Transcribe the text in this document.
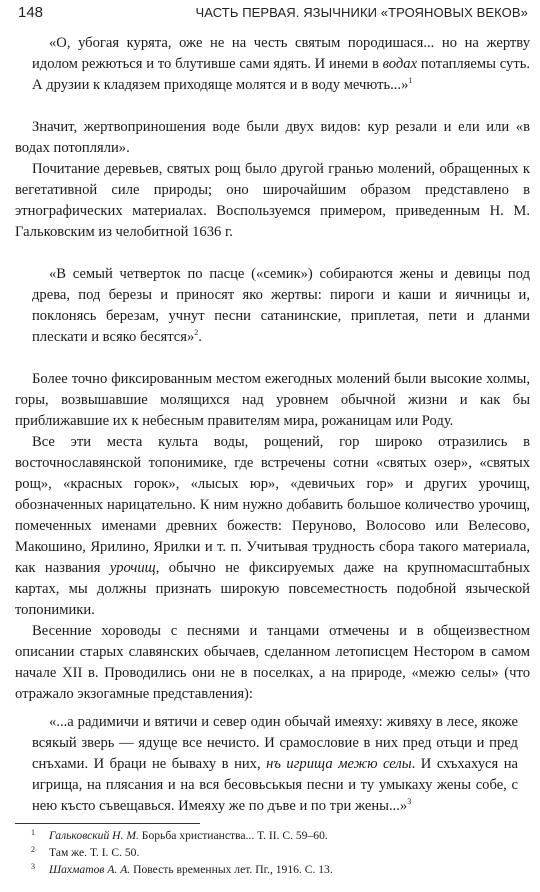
148	ЧАСТЬ ПЕРВАЯ. ЯЗЫЧНИКИ «ТРОЯНОВЫХ ВЕКОВ»

«О, убогая курята, оже не на честь святым породишася... но на жертву идолом режються и то блутивше сами ядять. И инеми в водах потапляемы суть. А друзии к кладязем приходяще молятся и в воду мечють...»$^1$

Значит, жертвоприношения воде были двух видов: кур резали и ели или «в водах потопляли».

Почитание деревьев, святых рощ было другой гранью молений, обращенных к вегетативной силе природы; оно широчайшим образом представлено в этнографических материалах. Воспользуемся примером, приведенным Н. М. Гальковским из челобитной 1636 г.

«В семый четверток по пасце («семик») собираются жены и девицы под древа, под березы и приносят яко жертвы: пироги и каши и яичницы и, поклонясь березам, учнут песни сатанинские, приплетая, пети и дланми плескати и всяко бесятся»$^2$.

Более точно фиксированным местом ежегодных молений были высокие холмы, горы, возвышавшие молящихся над уровнем обычной жизни и как бы приближавшие их к небесным правителям мира, рожаницам или Роду.

Все эти места культа воды, рощений, гор широко отразились в восточнославянской топонимике, где встречены сотни «святых озер», «святых рощ», «красных горок», «лысых юр», «девичьих гор» и других урочищ, обозначенных нарицательно. К ним нужно добавить большое количество урочищ, помеченных именами древних божеств: Перуново, Волосово или Велесово, Макошино, Ярилино, Ярилки и т. п. Учитывая трудность сбора такого материала, как названия урочищ, обычно не фиксируемых даже на крупномасштабных картах, мы должны признать широкую повсеместность подобной языческой топонимики.

Весенние хороводы с песнями и танцами отмечены и в общеизвестном описании старых славянских обычаев, сделанном летописцем Нестором в самом начале XII в. Проводились они не в поселках, а на природе, «межю селы» (что отражало экзогамные представления):

«...а радимичи и вятичи и север один обычай имеяху: живяху в лесе, якоже всякый зверь — ядуще все нечисто. И срамословие в них пред отьци и пред снъхами. И браци не бываху в них, нъ игрища межю селы. И схъхахуся на игрища, на плясания и на вся бесовьськыя песни и ту умыкаху жены собе, с нею късто съвещавься. Имеяху же по дъве и по три жены...»$^3$

1	Гальковский Н. М. Борьба христианства... Т. II. С. 59–60.
2	Там же. Т. I. С. 50.
3	Шахматов А. А. Повесть временных лет. Пг., 1916. С. 13.
